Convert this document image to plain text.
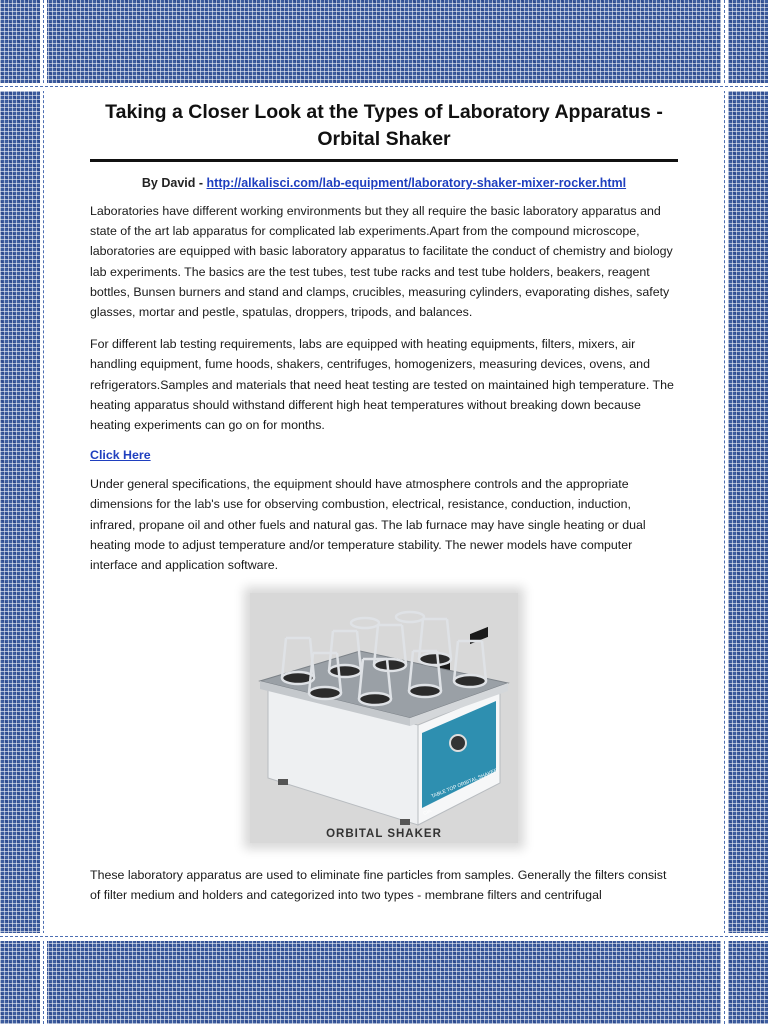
Taking a Closer Look at the Types of Laboratory Apparatus -
Orbital Shaker
By David - http://alkalisci.com/lab-equipment/laboratory-shaker-mixer-rocker.html

Laboratories have different working environments but they all require the basic laboratory apparatus and state of the art lab apparatus for complicated lab experiments.Apart from the compound microscope, laboratories are equipped with basic laboratory apparatus to facilitate the conduct of chemistry and biology lab experiments. The basics are the test tubes, test tube racks and test tube holders, beakers, reagent bottles, Bunsen burners and stand and clamps, crucibles, measuring cylinders, evaporating dishes, safety glasses, mortar and pestle, spatulas, droppers, tripods, and balances.

For different lab testing requirements, labs are equipped with heating equipments, filters, mixers, air handling equipment, fume hoods, shakers, centrifuges, homogenizers, measuring devices, ovens, and refrigerators.Samples and materials that need heat testing are tested on maintained high temperature. The heating apparatus should withstand different high heat temperatures without breaking down because heating experiments can go on for months.

Click Here

Under general specifications, the equipment should have atmosphere controls and the appropriate dimensions for the lab's use for observing combustion, electrical, resistance, conduction, induction, infrared, propane oil and other fuels and natural gas. The lab furnace may have single heating or dual heating mode to adjust temperature and/or temperature stability. The newer models have computer interface and application software.

TABLE TOP ORBITAL SHAKER
CIA
ORBITAL SHAKER

These laboratory apparatus are used to eliminate fine particles from samples. Generally the filters consist of filter medium and holders and categorized into two types - membrane filters and centrifugal
